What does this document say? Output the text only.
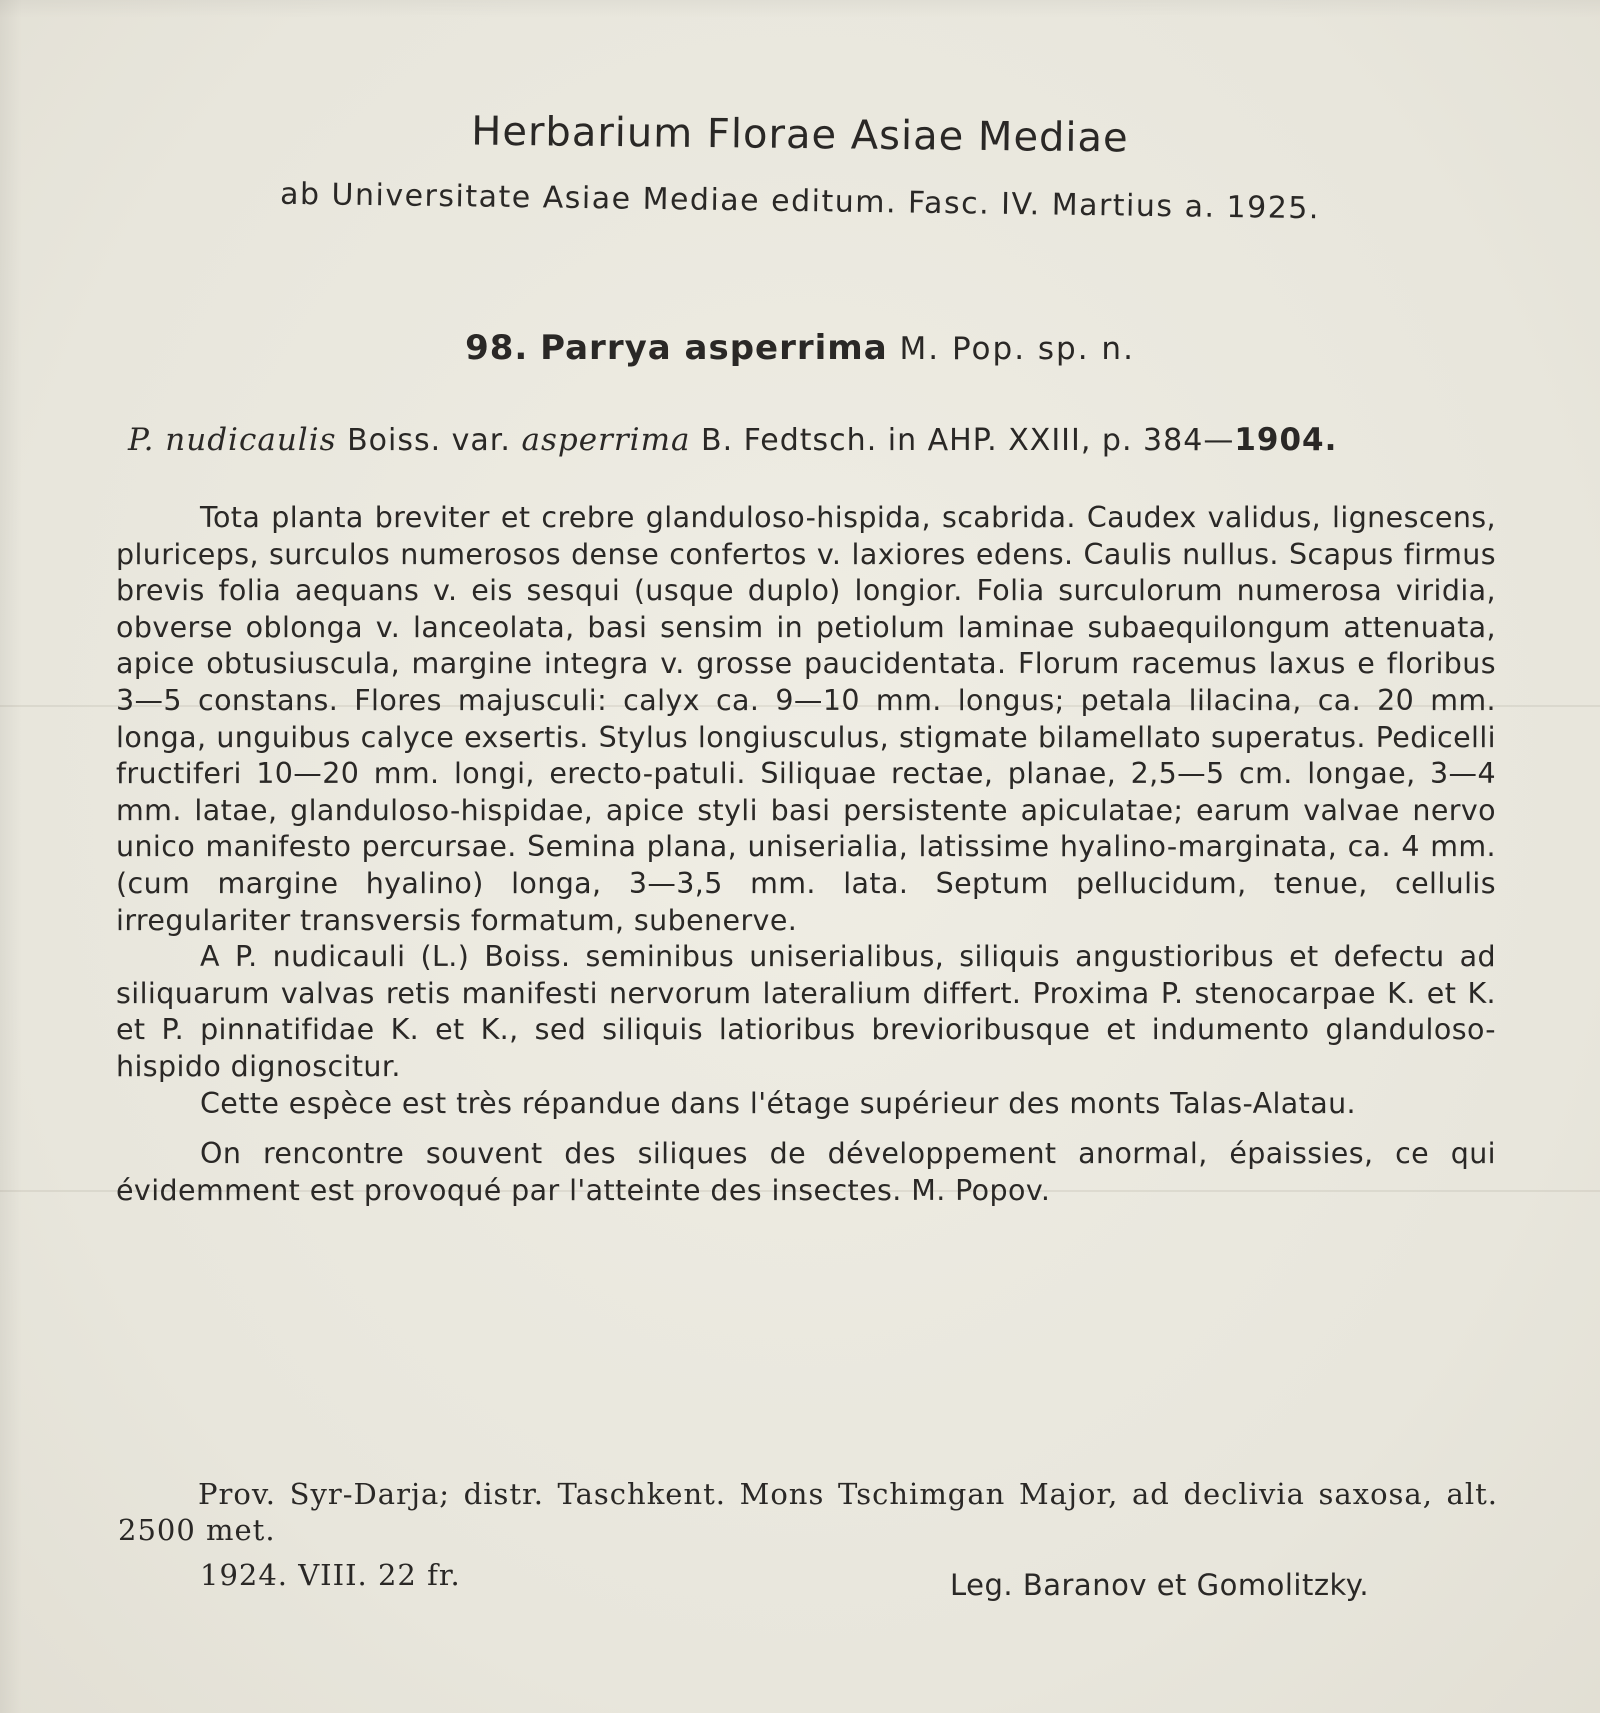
Herbarium Florae Asiae Mediae
ab Universitate Asiae Mediae editum. Fasc. IV. Martius a. 1925.
98. Parrya asperrima M. Pop. sp. n.
P. nudicaulis Boiss. var. asperrima B. Fedtsch. in AHP. XXIII, p. 384—1904.

Tota planta breviter et crebre glanduloso-hispida, scabrida. Caudex validus, lignescens, pluriceps, surculos numerosos dense confertos v. laxiores edens. Caulis nullus. Scapus firmus brevis folia aequans v. eis sesqui (usque duplo) longior. Folia surculorum numerosa viridia, obverse oblonga v. lanceolata, basi sensim in petiolum laminae subaequilongum attenuata, apice obtusiuscula, margine integra v. grosse paucidentata. Florum racemus laxus e floribus 3—5 constans. Flores majusculi: calyx ca. 9—10 mm. longus; petala lilacina, ca. 20 mm. longa, unguibus calyce exsertis. Stylus longiusculus, stigmate bilamellato superatus. Pedicelli fructiferi 10—20 mm. longi, erecto-patuli. Siliquae rectae, planae, 2,5—5 cm. longae, 3—4 mm. latae, glanduloso-hispidae, apice styli basi persistente apiculatae; earum valvae nervo unico manifesto percursae. Semina plana, uniserialia, latissime hyalino-marginata, ca. 4 mm. (cum margine hyalino) longa, 3—3,5 mm. lata. Septum pellucidum, tenue, cellulis irregulariter transversis formatum, subenerve.

A P. nudicauli (L.) Boiss. seminibus uniserialibus, siliquis angustioribus et defectu ad siliquarum valvas retis manifesti nervorum lateralium differt. Proxima P. stenocarpae K. et K. et P. pinnatifidae K. et K., sed siliquis latioribus brevioribusque et indumento glanduloso-hispido dignoscitur.

Cette espèce est très répandue dans l'étage supérieur des monts Talas-Alatau.

On rencontre souvent des siliques de développement anormal, épaissies, ce qui évidemment est provoqué par l'atteinte des insectes. M. Popov.

Prov. Syr-Darja; distr. Taschkent. Mons Tschimgan Major, ad declivia saxosa, alt. 2500 met.

1924. VIII. 22 fr.	Leg. Baranov et Gomolitzky.
